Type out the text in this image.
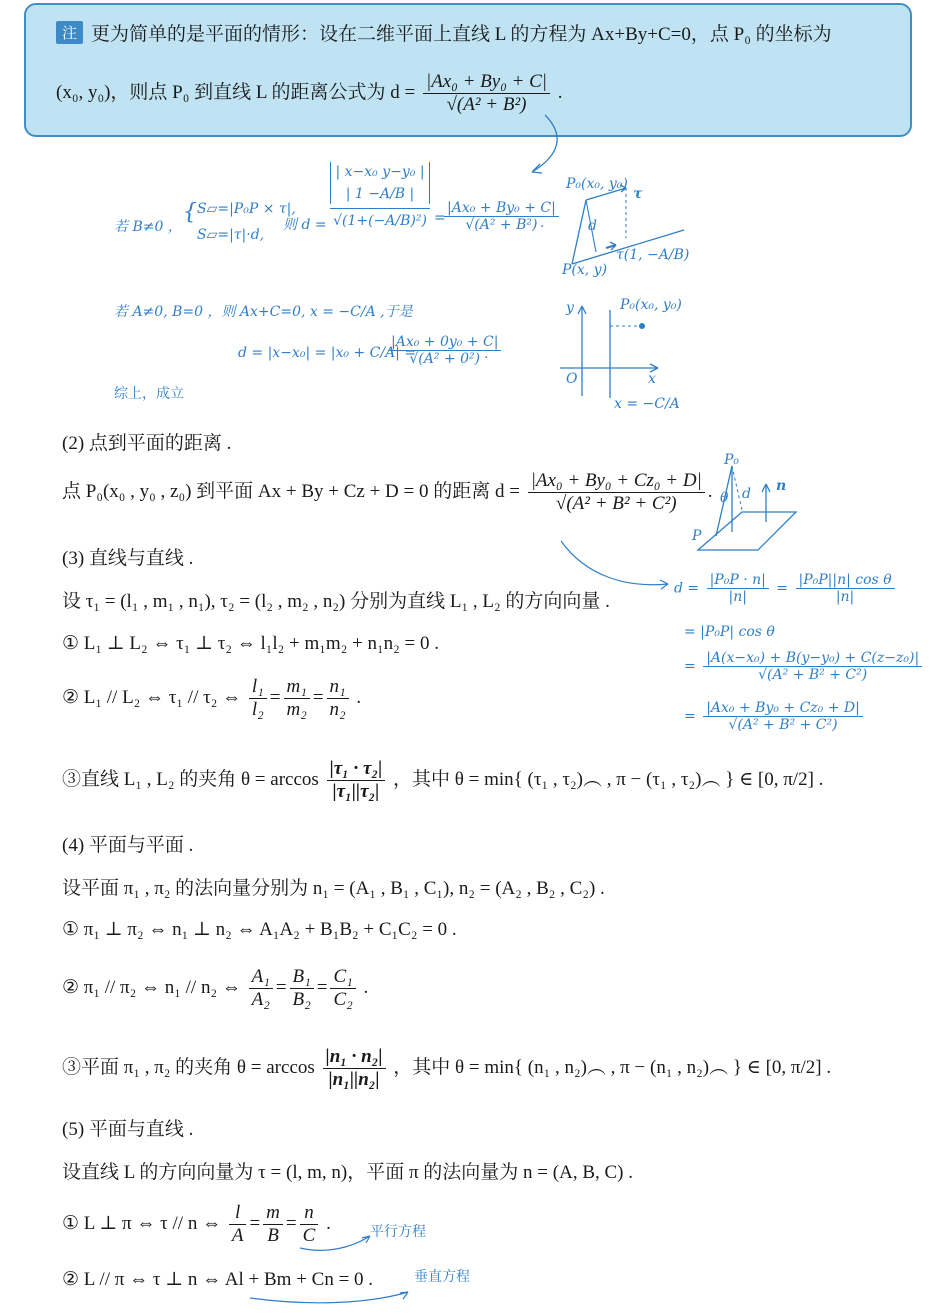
注 更为简单的是平面的情形：设在二维平面上直线 L 的方程为 Ax+By+C=0，点 P₀ 的坐标为
(x₀, y₀)，则点 P₀ 到直线 L 的距离公式为 $d = \frac{\text{|Ax₀ + By₀ + C|}}{\text{√(A² + B²)}}$ .
若 B≠0 ，
{ S▱=|P₀P × τ|,
S▱=|τ|·d,
则 d =
| x−x₀ y−y₀ |
| 1 −A/B |
√(1+(−A/B)²) =
$\frac{\text{|Ax₀ + By₀ + C|}}{\text{√(A² + B²)}}$
.
P₀(x₀, y₀)
τ
d
P(x, y)
τ(1, −A/B)
若 A≠0, B=0 ，则 Ax+C=0, x = −C/A ,于是
d = |x−x₀| = |x₀ + C/A| =
$\frac{\text{|Ax₀ + 0y₀ + C|}}{\text{√(A² + 0²)}}$
.
综上，成立
y	P₀(x₀, y₀)
O	x
x = −C/A
(2) 点到平面的距离 .
点 P₀(x₀ , y₀ , z₀) 到平面 Ax + By + Cz + D = 0 的距离 $d = \frac{\text{|Ax₀ + By₀ + Cz₀ + D|}}{\text{√(A² + B² + C²)}}$ .
P₀
θ d n
P
$d = \frac{\text{|P₀P · n|}}{|n|} = \frac{\text{|P₀P||n| cos θ}}{|n|}$
= |P₀P| cos θ
= $\frac{\text{|A(x−x₀) + B(y−y₀) + C(z−z₀)|}}{\text{√(A² + B² + C²)}}$
= $\frac{\text{|Ax₀ + By₀ + Cz₀ + D|}}{\text{√(A² + B² + C²)}}$
(3) 直线与直线 .
设 τ₁ = (l₁ , m₁ , n₁), τ₂ = (l₂ , m₂ , n₂) 分别为直线 L₁ , L₂ 的方向向量 .
① L₁ ⊥ L₂ ⇔ τ₁ ⊥ τ₂ ⇔ l₁l₂ + m₁m₂ + n₁n₂ = 0 .
② L₁ // L₂ ⇔ τ₁ // τ₂ ⇔ $\frac{\text{l₁}}{\text{l₂}} = \frac{\text{m₁}}{\text{m₂}} = \frac{\text{n₁}}{\text{n₂}}$ .
③直线 L₁ , L₂ 的夹角 $\theta = \arccos \frac{\text{|τ₁ · τ₂|}}{\text{|τ₁||τ₂|}}$ ，其中 θ = min{ (τ₁ , τ₂)︵ , π − (τ₁ , τ₂)︵ } ∈ [0, π/2] .
(4) 平面与平面 .
设平面 π₁ , π₂ 的法向量分别为 n₁ = (A₁ , B₁ , C₁), n₂ = (A₂ , B₂ , C₂) .
① π₁ ⊥ π₂ ⇔ n₁ ⊥ n₂ ⇔ A₁A₂ + B₁B₂ + C₁C₂ = 0 .
② π₁ // π₂ ⇔ n₁ // n₂ ⇔ $\frac{\text{A₁}}{\text{A₂}} = \frac{\text{B₁}}{\text{B₂}} = \frac{\text{C₁}}{\text{C₂}}$ .
③平面 π₁ , π₂ 的夹角 $\theta = \arccos \frac{\text{|n₁ · n₂|}}{\text{|n₁||n₂|}}$ ，其中 θ = min{ (n₁ , n₂)︵ , π − (n₁ , n₂)︵ } ∈ [0, π/2] .
(5) 平面与直线 .
设直线 L 的方向向量为 τ = (l, m, n)，平面 π 的法向量为 n = (A, B, C) .
① L ⊥ π ⇔ τ // n ⇔ $\frac{l}{A} = \frac{m}{B} = \frac{n}{C}$ .	平行方程
② L // π ⇔ τ ⊥ n ⇔ Al + Bm + Cn = 0 .	垂直方程
